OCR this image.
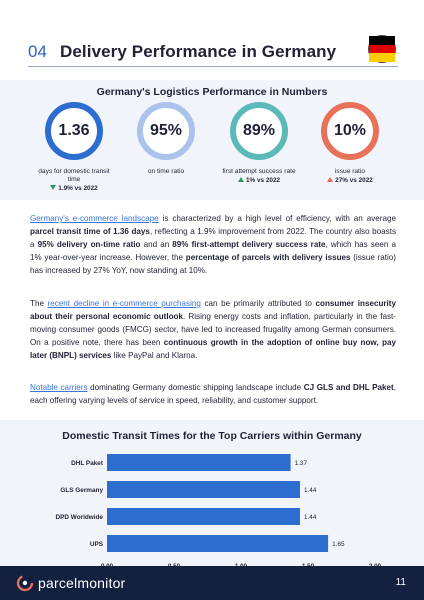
04 Delivery Performance in Germany
Germany's Logistics Performance in Numbers
1.36
days for domestic transit time
1.9% vs 2022
95%
on time ratio
89%
first attempt success rate
1% vs 2022
10%
issue ratio
27% vs 2022
Germany's e-commerce landscape is characterized by a high level of efficiency, with an average parcel transit time of 1.36 days, reflecting a 1.9% improvement from 2022. The country also boasts a 95% delivery on-time ratio and an 89% first-attempt delivery success rate, which has seen a 1% year-over-year increase. However, the percentage of parcels with delivery issues (issue ratio) has increased by 27% YoY, now standing at 10%.
The recent decline in e-commerce purchasing can be primarily attributed to consumer insecurity about their personal economic outlook. Rising energy costs and inflation, particularly in the fast-moving consumer goods (FMCG) sector, have led to increased frugality among German consumers. On a positive note, there has been continuous growth in the adoption of online buy now, pay later (BNPL) services like PayPal and Klarna.
Notable carriers dominating Germany domestic shipping landscape include CJ GLS and DHL Paket, each offering varying levels of service in speed, reliability, and customer support.
Domestic Transit Times for the Top Carriers within Germany
DHL Paket	1.37
GLS Germany	1.44
DPD Worldwide	1.44
UPS	1.65
parcelmonitor	11
